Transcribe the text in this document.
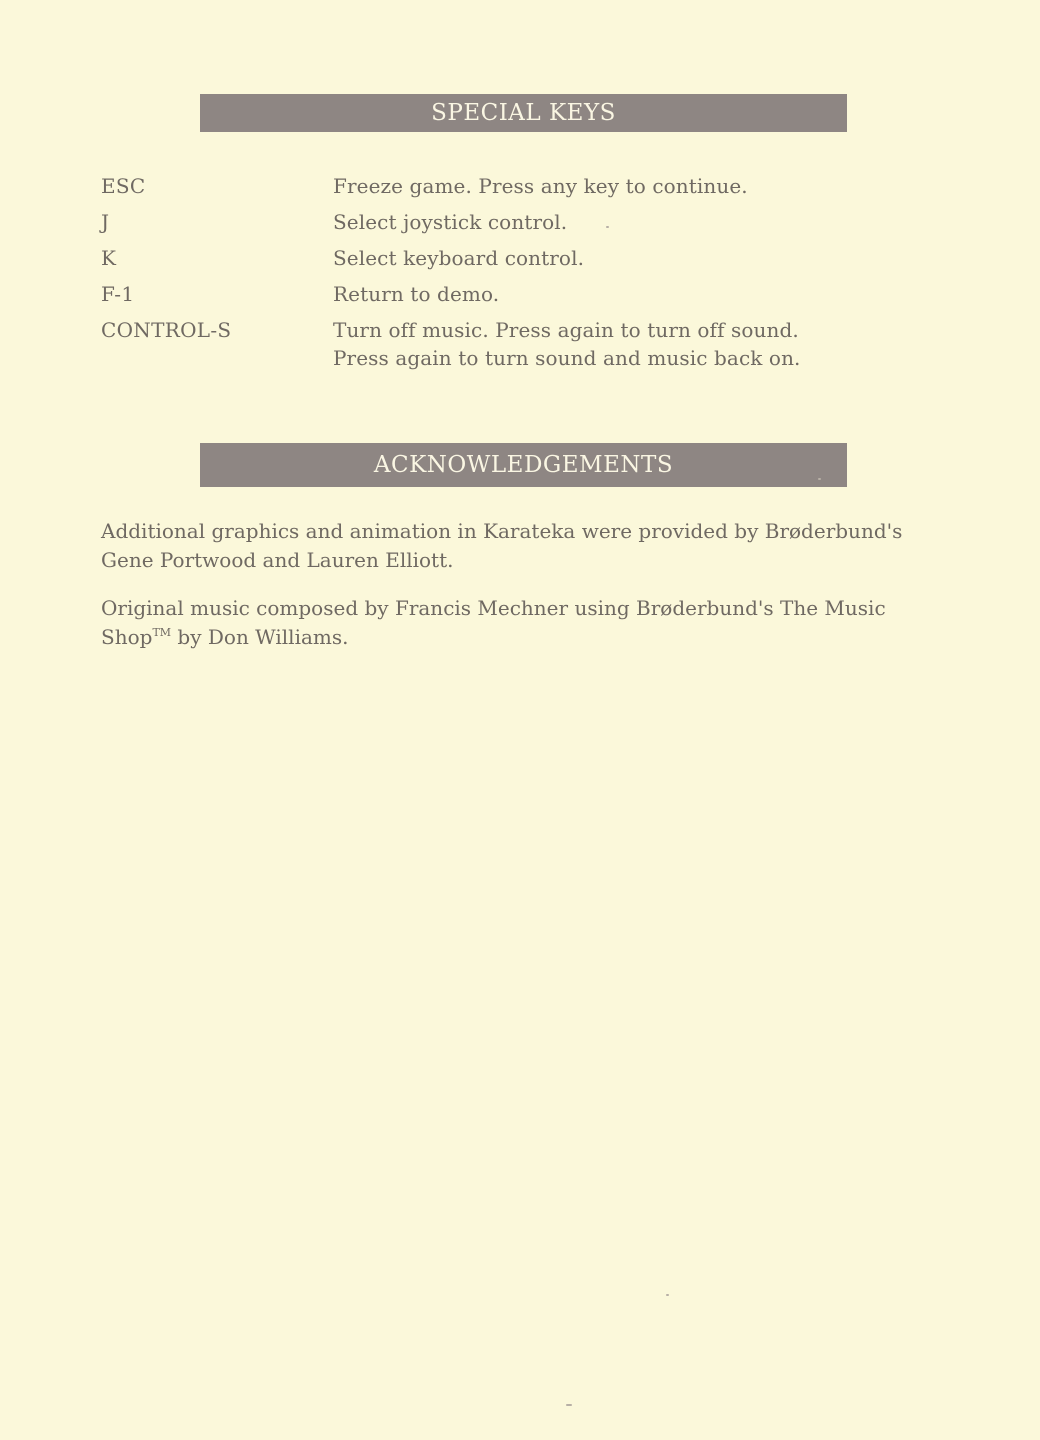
SPECIAL KEYS
ESC	Freeze game. Press any key to continue.
J	Select joystick control.
K	Select keyboard control.
F-1	Return to demo.
CONTROL-S	Turn off music. Press again to turn off sound.
Press again to turn sound and music back on.
ACKNOWLEDGEMENTS

Additional graphics and animation in Karateka were provided by Brøderbund's Gene Portwood and Lauren Elliott.

Original music composed by Francis Mechner using Brøderbund's The Music Shop™ by Don Williams.
